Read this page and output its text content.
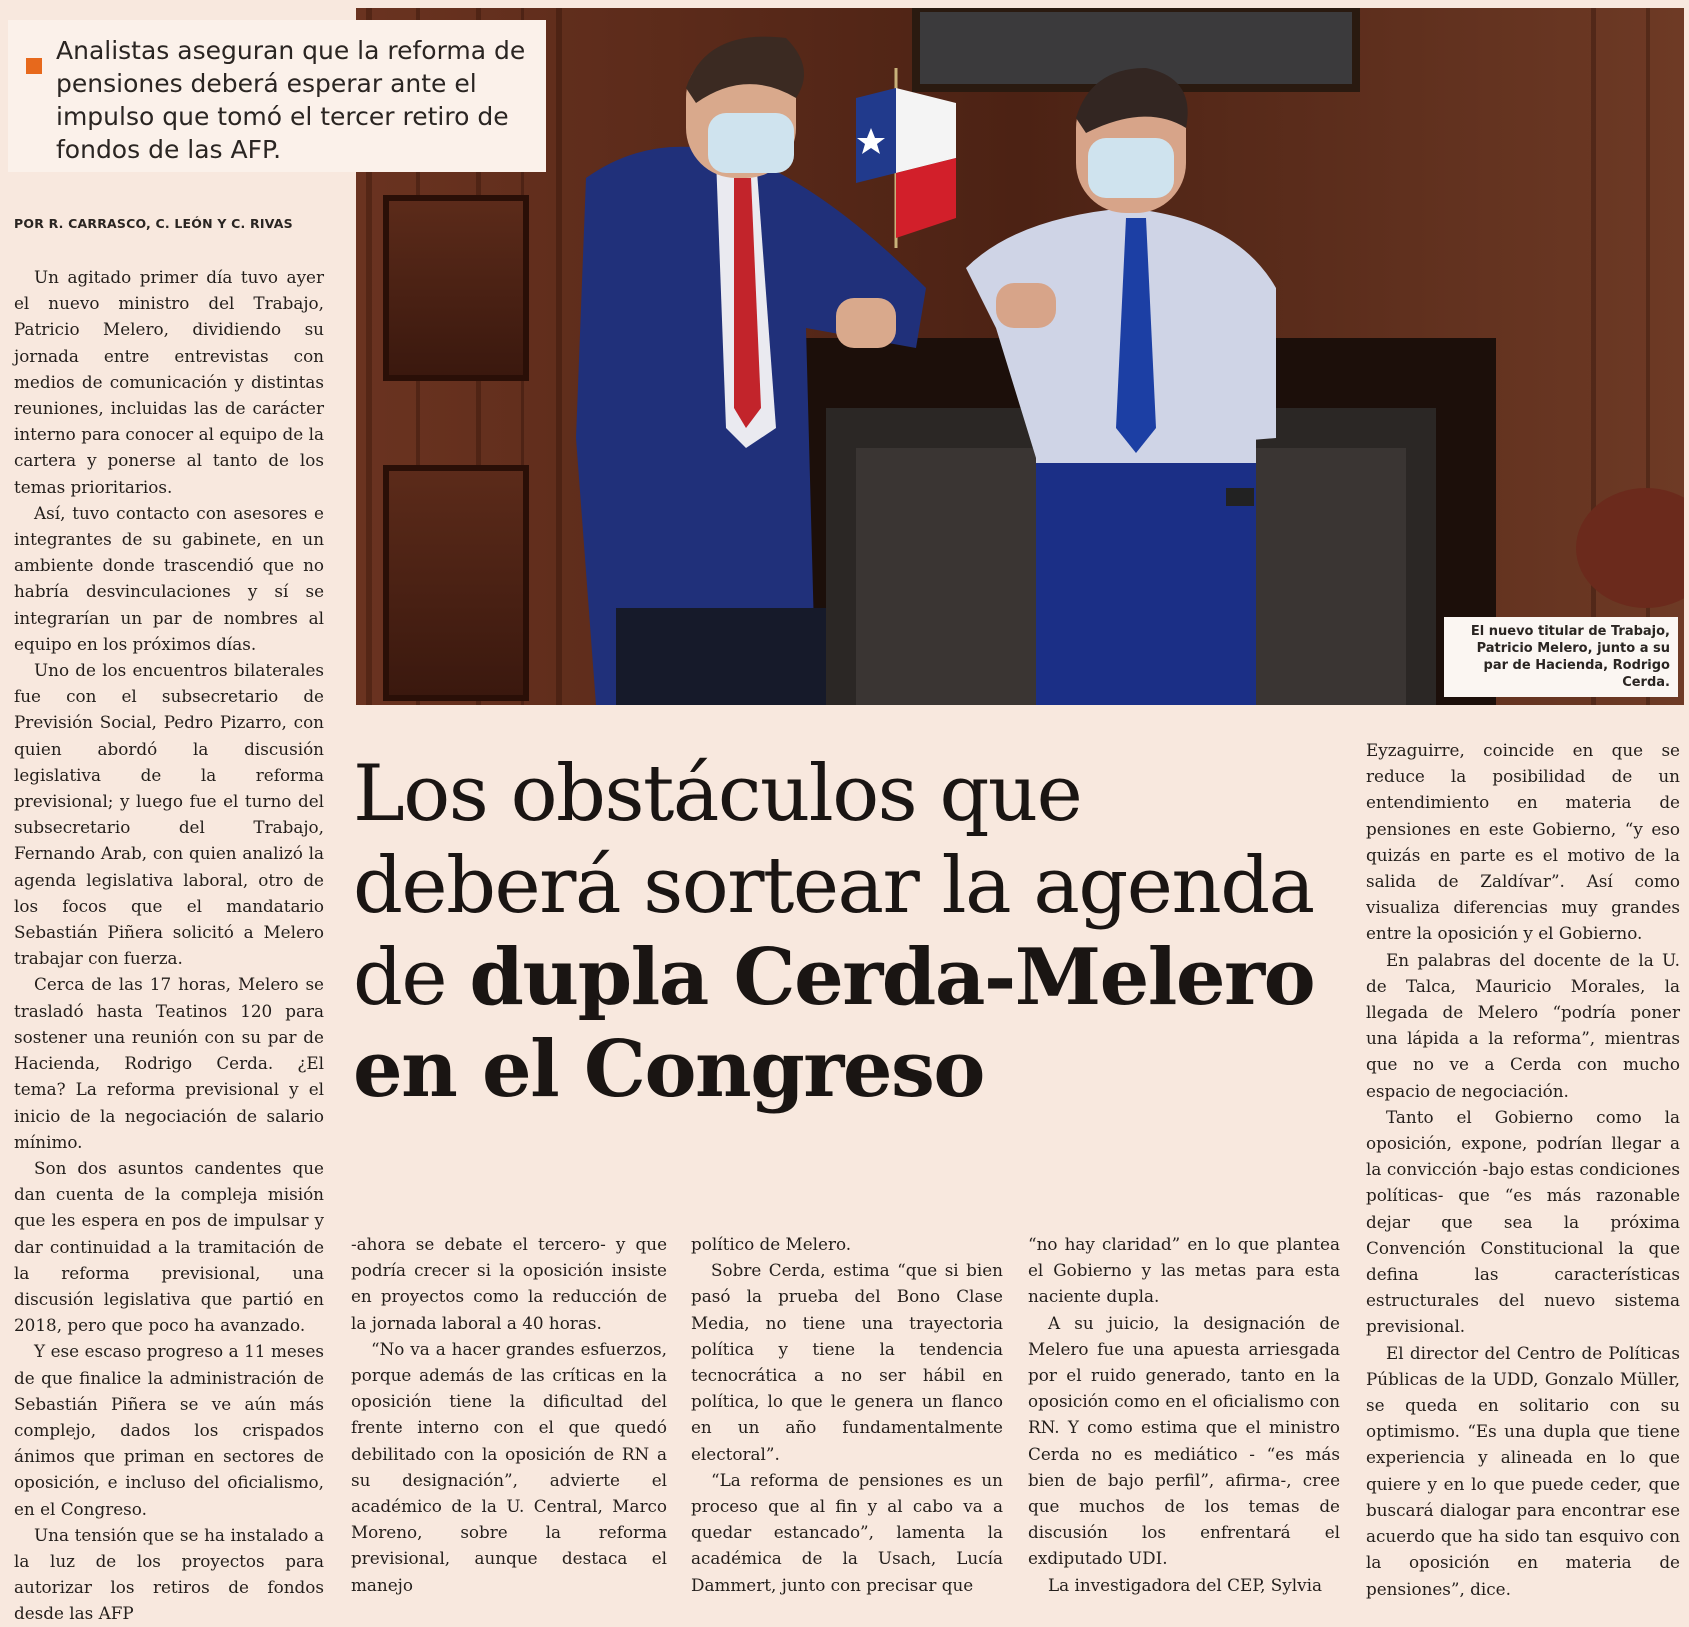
El nuevo titular de Trabajo, Patricio Melero, junto a su par de Hacienda, Rodrigo Cerda.
Analistas aseguran que la reforma de pensiones deberá esperar ante el impulso que tomó el tercer retiro de fondos de las AFP.
POR R. CARRASCO, C. LEÓN Y C. RIVAS
Los obstáculos que
deberá sortear la agenda
de dupla Cerda-Melero
en el Congreso

Un agitado primer día tuvo ayer el nuevo ministro del Trabajo, Patricio Melero, dividiendo su jornada entre entrevistas con medios de comunicación y distintas reuniones, incluidas las de carácter interno para conocer al equipo de la cartera y ponerse al tanto de los temas prioritarios.

Así, tuvo contacto con asesores e integrantes de su gabinete, en un ambiente donde trascendió que no habría desvinculaciones y sí se integrarían un par de nombres al equipo en los próximos días.

Uno de los encuentros bilaterales fue con el subsecretario de Previsión Social, Pedro Pizarro, con quien abordó la discusión legislativa de la reforma previsional; y luego fue el turno del subsecretario del Trabajo, Fernando Arab, con quien analizó la agenda legislativa laboral, otro de los focos que el mandatario Sebastián Piñera solicitó a Melero trabajar con fuerza.

Cerca de las 17 horas, Melero se trasladó hasta Teatinos 120 para sostener una reunión con su par de Hacienda, Rodrigo Cerda. ¿El tema? La reforma previsional y el inicio de la negociación de salario mínimo.

Son dos asuntos candentes que dan cuenta de la compleja misión que les espera en pos de impulsar y dar continuidad a la tramitación de la reforma previsional, una discusión legislativa que partió en 2018, pero que poco ha avanzado.

Y ese escaso progreso a 11 meses de que finalice la administración de Sebastián Piñera se ve aún más complejo, dados los crispados ánimos que priman en sectores de oposición, e incluso del oficialismo, en el Congreso.

Una tensión que se ha instalado a la luz de los proyectos para autorizar los retiros de fondos desde las AFP

-ahora se debate el tercero- y que podría crecer si la oposición insiste en proyectos como la reducción de la jornada laboral a 40 horas.

“No va a hacer grandes esfuerzos, porque además de las críticas en la oposición tiene la dificultad del frente interno con el que quedó debilitado con la oposición de RN a su designación”, advierte el académico de la U. Central, Marco Moreno, sobre la reforma previsional, aunque destaca el manejo

político de Melero.

Sobre Cerda, estima “que si bien pasó la prueba del Bono Clase Media, no tiene una trayectoria política y tiene la tendencia tecnocrática a no ser hábil en política, lo que le genera un flanco en un año fundamentalmente electoral”.

“La reforma de pensiones es un proceso que al fin y al cabo va a quedar estancado”, lamenta la académica de la Usach, Lucía Dammert, junto con precisar que

“no hay claridad” en lo que plantea el Gobierno y las metas para esta naciente dupla.

A su juicio, la designación de Melero fue una apuesta arriesgada por el ruido generado, tanto en la oposición como en el oficialismo con RN. Y como estima que el ministro Cerda no es mediático - “es más bien de bajo perfil”, afirma-, cree que muchos de los temas de discusión los enfrentará el exdiputado UDI.

La investigadora del CEP, Sylvia

Eyzaguirre, coincide en que se reduce la posibilidad de un entendimiento en materia de pensiones en este Gobierno, “y eso quizás en parte es el motivo de la salida de Zaldívar”. Así como visualiza diferencias muy grandes entre la oposición y el Gobierno.

En palabras del docente de la U. de Talca, Mauricio Morales, la llegada de Melero “podría poner una lápida a la reforma”, mientras que no ve a Cerda con mucho espacio de negociación.

Tanto el Gobierno como la oposición, expone, podrían llegar a la convicción -bajo estas condiciones políticas- que “es más razonable dejar que sea la próxima Convención Constitucional la que defina las características estructurales del nuevo sistema previsional.

El director del Centro de Políticas Públicas de la UDD, Gonzalo Müller, se queda en solitario con su optimismo. “Es una dupla que tiene experiencia y alineada en lo que quiere y en lo que puede ceder, que buscará dialogar para encontrar ese acuerdo que ha sido tan esquivo con la oposición en materia de pensiones”, dice.
